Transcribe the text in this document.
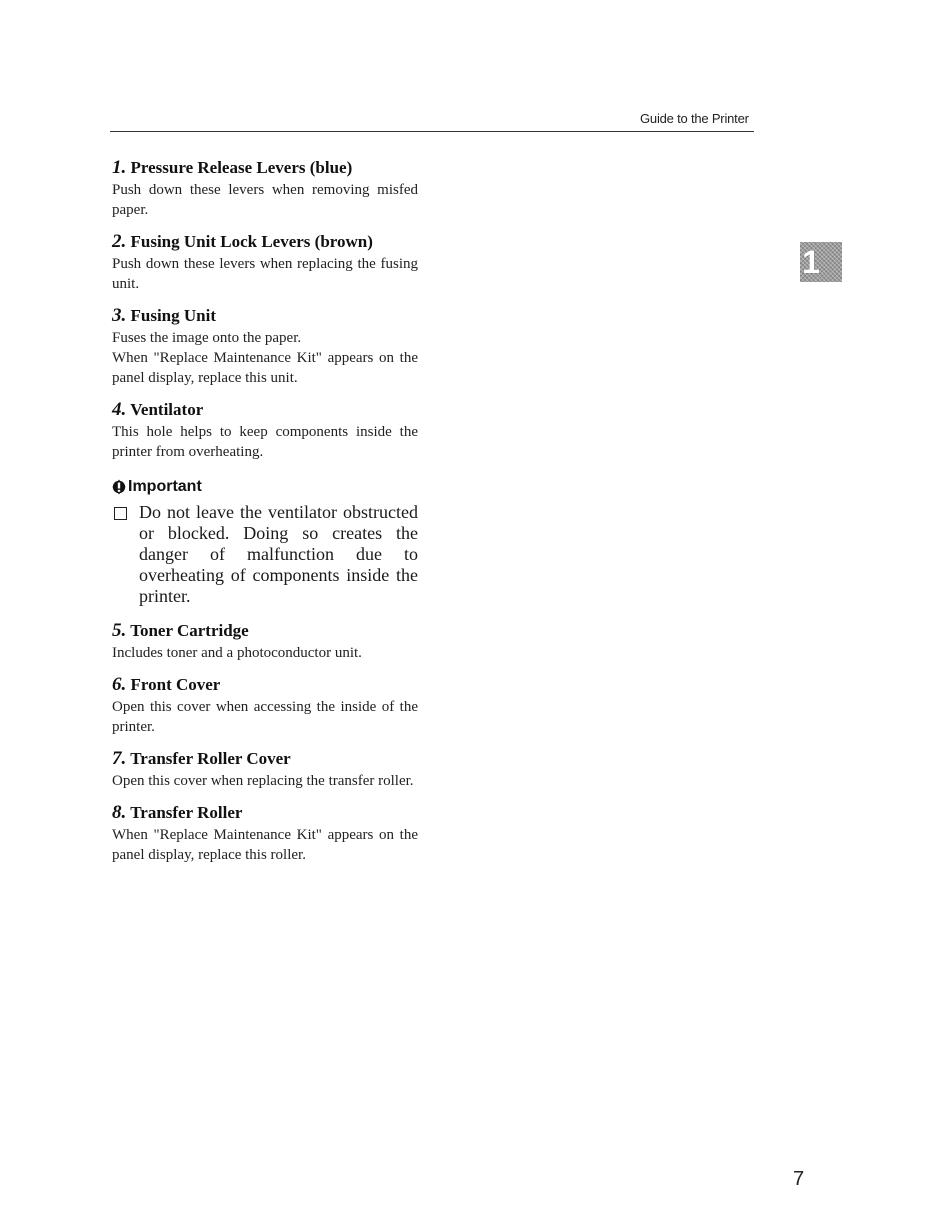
Guide to the Printer
1
1. Pressure Release Levers (blue)

Push down these levers when removing misfed paper.

2. Fusing Unit Lock Levers (brown)

Push down these levers when replacing the fusing unit.

3. Fusing Unit

Fuses the image onto the paper.

When "Replace Maintenance Kit" appears on the panel display, replace this unit.

4. Ventilator

This hole helps to keep components inside the printer from overheating.

Important
Do not leave the ventilator obstructed or blocked. Doing so creates the danger of malfunction due to overheating of components inside the printer.
5. Toner Cartridge

Includes toner and a photoconductor unit.

6. Front Cover

Open this cover when accessing the inside of the printer.

7. Transfer Roller Cover

Open this cover when replacing the transfer roller.

8. Transfer Roller

When "Replace Maintenance Kit" appears on the panel display, replace this roller.

7
